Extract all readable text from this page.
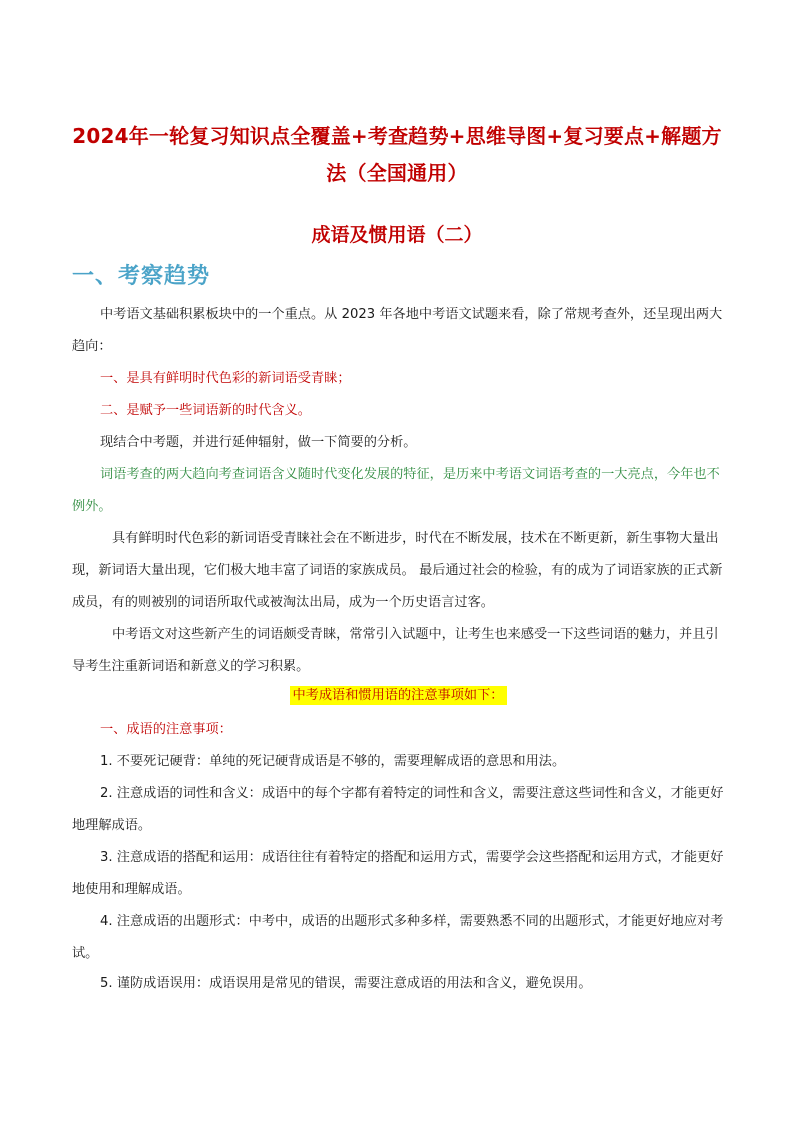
2024年一轮复习知识点全覆盖+考查趋势+思维导图+复习要点+解题方法（全国通用）
成语及惯用语（二）
一、考察趋势

中考语文基础积累板块中的一个重点。从 2023 年各地中考语文试题来看，除了常规考查外，还呈现出两大趋向：

一、是具有鲜明时代色彩的新词语受青睐；

二、是赋予一些词语新的时代含义。

现结合中考题，并进行延伸辐射，做一下简要的分析。

词语考查的两大趋向考查词语含义随时代变化发展的特征，是历来中考语文词语考查的一大亮点，今年也不例外。

具有鲜明时代色彩的新词语受青睐社会在不断进步，时代在不断发展，技术在不断更新，新生事物大量出现，新词语大量出现，它们极大地丰富了词语的家族成员。 最后通过社会的检验，有的成为了词语家族的正式新成员，有的则被别的词语所取代或被淘汰出局，成为一个历史语言过客。

中考语文对这些新产生的词语颇受青睐，常常引入试题中，让考生也来感受一下这些词语的魅力，并且引导考生注重新词语和新意义的学习积累。

中考成语和惯用语的注意事项如下：

一、成语的注意事项：

1. 不要死记硬背：单纯的死记硬背成语是不够的，需要理解成语的意思和用法。

2. 注意成语的词性和含义：成语中的每个字都有着特定的词性和含义，需要注意这些词性和含义，才能更好地理解成语。

3. 注意成语的搭配和运用：成语往往有着特定的搭配和运用方式，需要学会这些搭配和运用方式，才能更好地使用和理解成语。

4. 注意成语的出题形式：中考中，成语的出题形式多种多样，需要熟悉不同的出题形式，才能更好地应对考试。

5. 谨防成语误用：成语误用是常见的错误，需要注意成语的用法和含义，避免误用。
